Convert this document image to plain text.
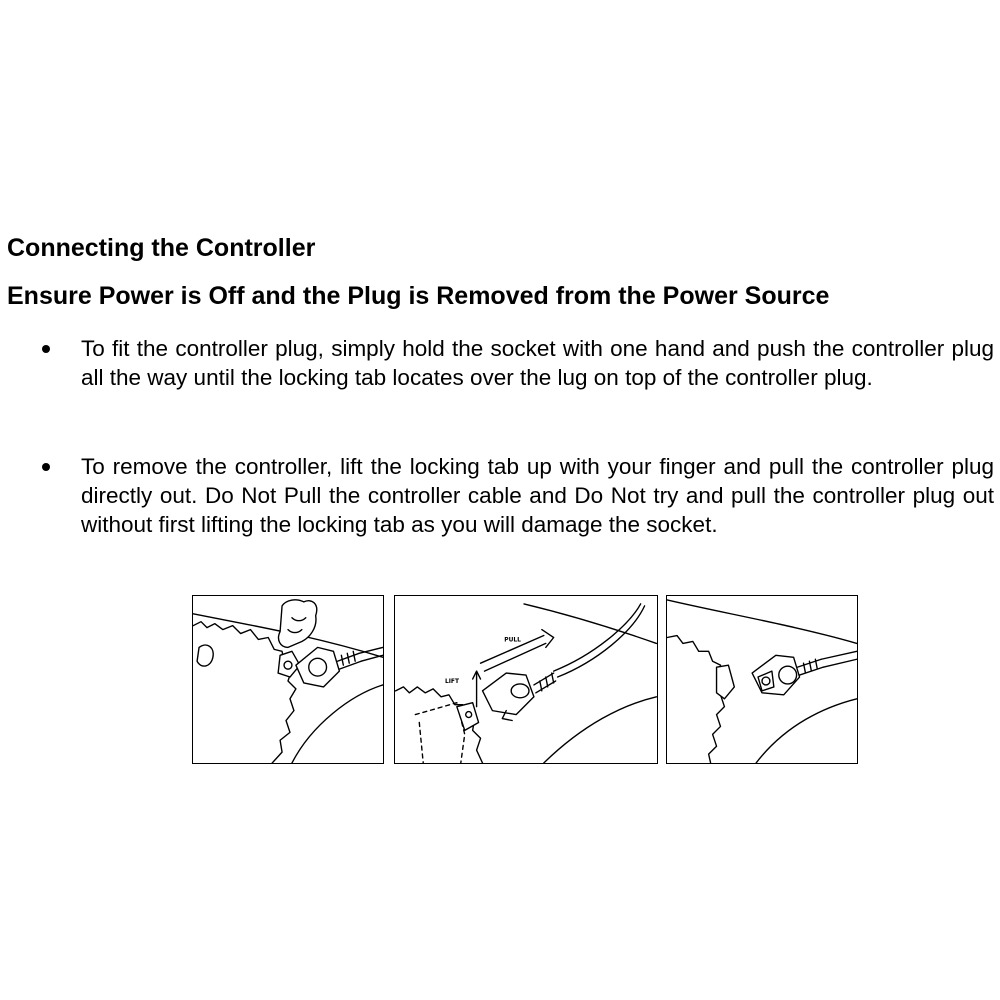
Connecting the Controller
Ensure Power is Off and the Plug is Removed from the Power Source
To fit the controller plug, simply hold the socket with one hand and push the controller plug all the way until the locking tab locates over the lug on top of the controller plug.
To remove the controller, lift the locking tab up with your finger and pull the controller plug directly out. Do Not Pull the controller cable and Do Not try and pull the controller plug out without first lifting the locking tab as you will damage the socket.
LIFT
PULL
